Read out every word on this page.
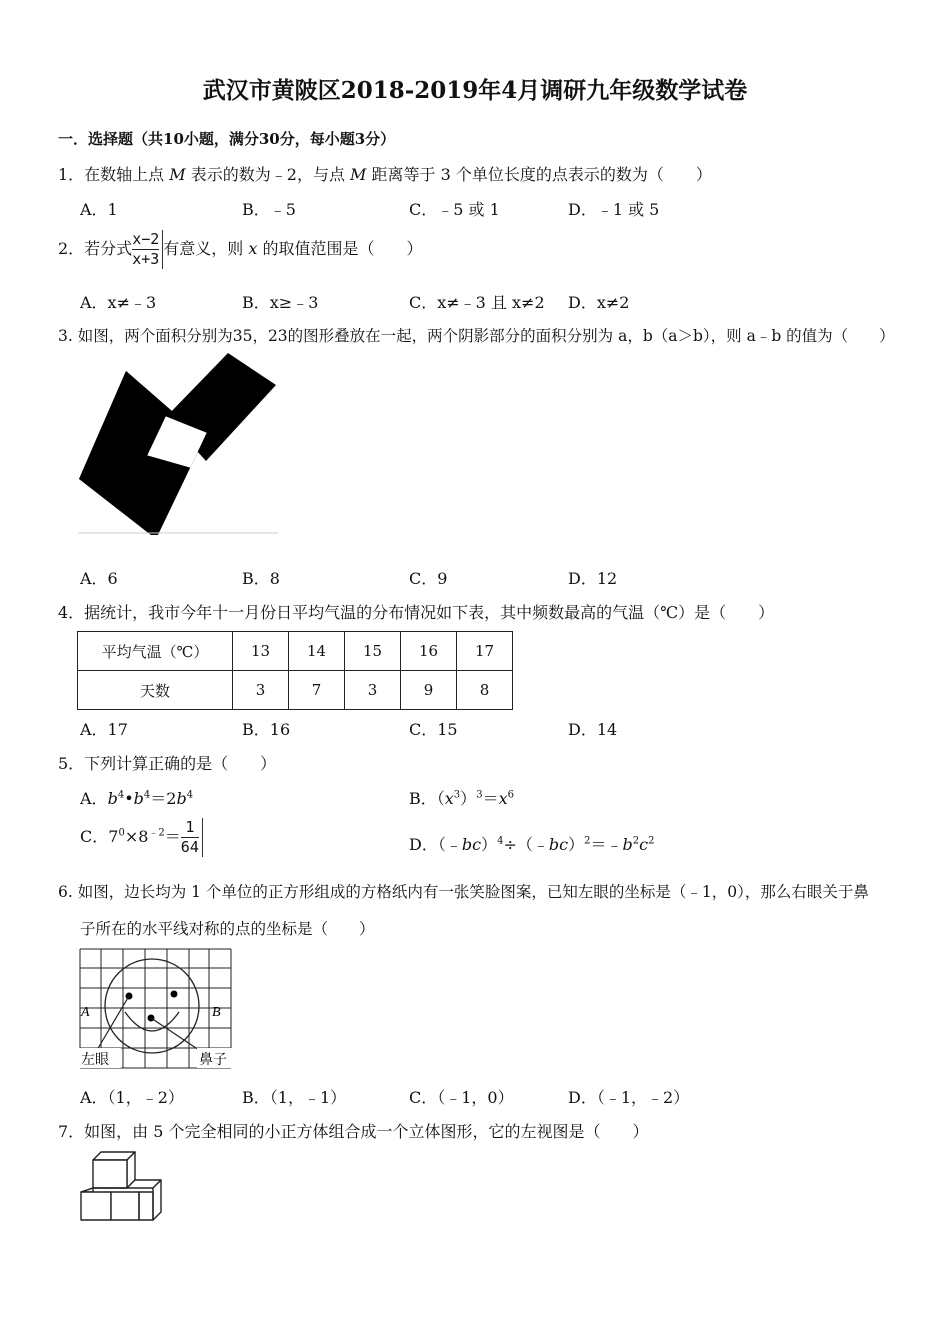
武汉市黄陂区2018-2019年4月调研九年级数学试卷
一．选择题（共10小题，满分30分，每小题3分）
1．在数轴上点 M 表示的数为﹣2，与点 M 距离等于 3 个单位长度的点表示的数为（　　）
A．1	B．﹣5	C．﹣5 或 1	D．﹣1 或 5
2．若分式 $\frac{x-2}{x+3}$ 有意义，则 x 的取值范围是（　　）
A．x≠﹣3	B．x≥﹣3	C．x≠﹣3 且 x≠2 D．x≠2
3. 如图，两个面积分别为35，23的图形叠放在一起，两个阴影部分的面积分别为 a，b（a＞b），则 a﹣b 的值为（　　）
A．6	B．8	C．9	D．12
4．据统计，我市今年十一月份日平均气温的分布情况如下表，其中频数最高的气温（℃）是（　　）
平均气温（℃）	13	14	15	16	17
天数	3	7	3	9	8
A．17	B．16	C．15	D．14
5．下列计算正确的是（　　）
A．$b^4•b^4=2b^4$	B．$(x^3)^3=x^6$
C．$7^0\times 8^{﹣2}= \frac{1}{64}$	D．$(﹣bc)^4\div(﹣bc)^2=﹣b^2c^2$
6. 如图，边长均为 1 个单位的正方形组成的方格纸内有一张笑脸图案，已知左眼的坐标是（﹣1，0），那么右眼关于鼻
子所在的水平线对称的点的坐标是（　　）
A	B
左眼	鼻子
A．（1，﹣2）	B．（1，﹣1）	C．（﹣1，0）	D．（﹣1，﹣2）
7．如图，由 5 个完全相同的小正方体组合成一个立体图形，它的左视图是（　　）
